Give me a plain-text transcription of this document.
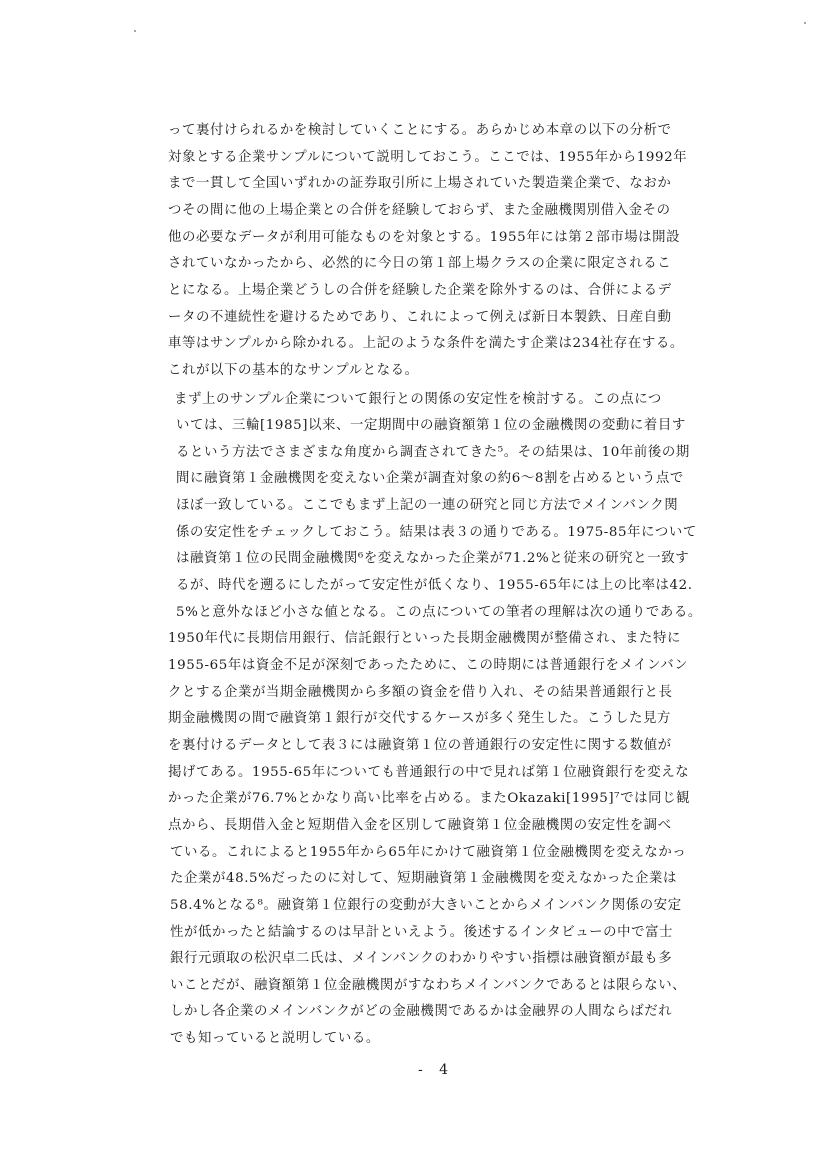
って裏付けられるかを検討していくことにする。あらかじめ本章の以下の分析で
対象とする企業サンプルについて説明しておこう。ここでは、1955年から1992年
まで一貫して全国いずれかの証券取引所に上場されていた製造業企業で、なおか
つその間に他の上場企業との合併を経験しておらず、また金融機関別借入金その
他の必要なデータが利用可能なものを対象とする。1955年には第２部市場は開設
されていなかったから、必然的に今日の第１部上場クラスの企業に限定されるこ
とになる。上場企業どうしの合併を経験した企業を除外するのは、合併によるデ
ータの不連続性を避けるためであり、これによって例えば新日本製鉄、日産自動
車等はサンプルから除かれる。上記のような条件を満たす企業は234社存在する。
これが以下の基本的なサンプルとなる。
　まず上のサンプル企業について銀行との関係の安定性を検討する。この点につ
いては、三輪[1985]以来、一定期間中の融資額第１位の金融機関の変動に着目す
るという方法でさまざまな角度から調査されてきた⁵。その結果は、10年前後の期
間に融資第１金融機関を変えない企業が調査対象の約6～8割を占めるという点で
ほぼ一致している。ここでもまず上記の一連の研究と同じ方法でメインバンク関
係の安定性をチェックしておこう。結果は表３の通りである。1975-85年について
は融資第１位の民間金融機関⁶を変えなかった企業が71.2%と従来の研究と一致す
るが、時代を遡るにしたがって安定性が低くなり、1955-65年には上の比率は42.
5%と意外なほど小さな値となる。この点についての筆者の理解は次の通りである。
1950年代に長期信用銀行、信託銀行といった長期金融機関が整備され、また特に
1955-65年は資金不足が深刻であったために、この時期には普通銀行をメインバン
クとする企業が当期金融機関から多額の資金を借り入れ、その結果普通銀行と長
期金融機関の間で融資第１銀行が交代するケースが多く発生した。こうした見方
を裏付けるデータとして表３には融資第１位の普通銀行の安定性に関する数値が
掲げてある。1955-65年についても普通銀行の中で見れば第１位融資銀行を変えな
かった企業が76.7%とかなり高い比率を占める。またOkazaki[1995]⁷では同じ観
点から、長期借入金と短期借入金を区別して融資第１位金融機関の安定性を調べ
ている。これによると1955年から65年にかけて融資第１位金融機関を変えなかっ
た企業が48.5%だったのに対して、短期融資第１金融機関を変えなかった企業は
58.4%となる⁸。融資第１位銀行の変動が大きいことからメインバンク関係の安定
性が低かったと結論するのは早計といえよう。後述するインタビューの中で富士
銀行元頭取の松沢卓二氏は、メインバンクのわかりやすい指標は融資額が最も多
いことだが、融資額第１位金融機関がすなわちメインバンクであるとは限らない、
しかし各企業のメインバンクがどの金融機関であるかは金融界の人間ならばだれ
でも知っていると説明している。
- 4
